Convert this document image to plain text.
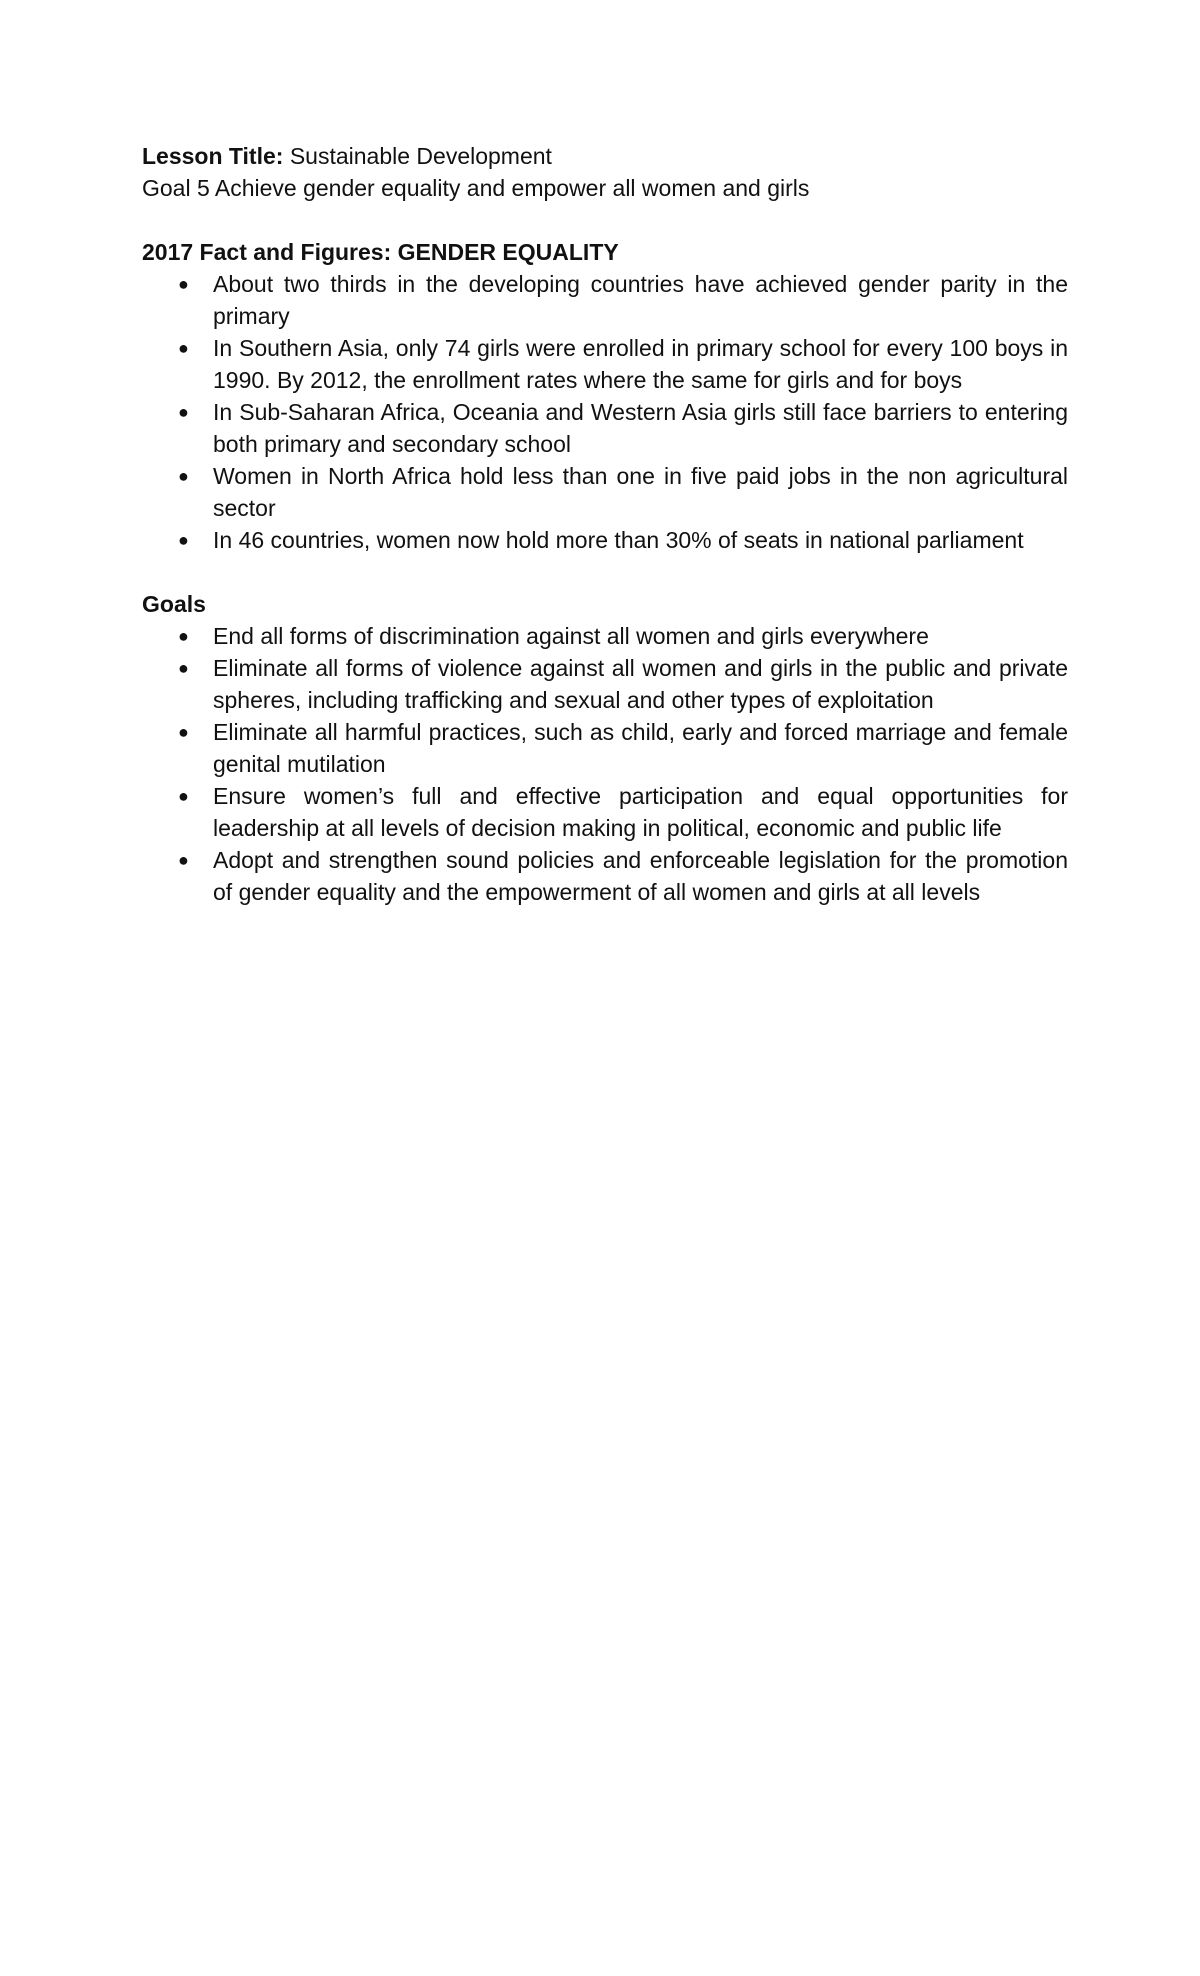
Lesson Title: Sustainable Development

Goal 5 Achieve gender equality and empower all women and girls

2017 Fact and Figures: GENDER EQUALITY

● About two thirds in the developing countries have achieved gender parity in the primary
● In Southern Asia, only 74 girls were enrolled in primary school for every 100 boys in 1990. By 2012, the enrollment rates where the same for girls and for boys
● In Sub-Saharan Africa, Oceania and Western Asia girls still face barriers to entering both primary and secondary school
● Women in North Africa hold less than one in five paid jobs in the non agricultural sector
● In 46 countries, women now hold more than 30% of seats in national parliament

Goals

● End all forms of discrimination against all women and girls everywhere
● Eliminate all forms of violence against all women and girls in the public and private spheres, including trafficking and sexual and other types of exploitation
● Eliminate all harmful practices, such as child, early and forced marriage and female genital mutilation
● Ensure women’s full and effective participation and equal opportunities for leadership at all levels of decision making in political, economic and public life
● Adopt and strengthen sound policies and enforceable legislation for the promotion of gender equality and the empowerment of all women and girls at all levels
